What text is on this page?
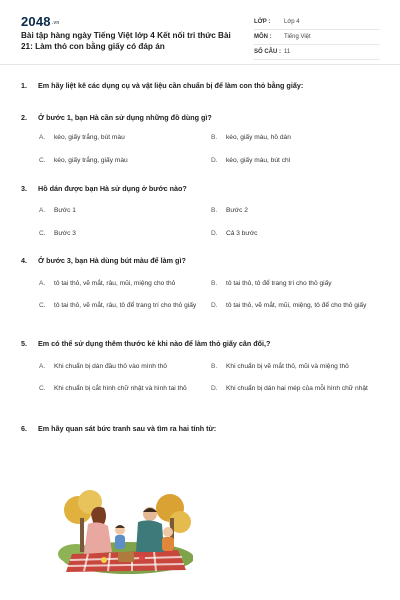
2048.vn
Bài tập hàng ngày Tiếng Việt lớp 4 Kết nối tri thức Bài 21: Làm thỏ con bằng giấy có đáp án
LỚP :	Lớp 4
MÔN :	Tiếng Việt
SỐ CÂU : 11
1.	Em hãy liệt kê các dụng cụ và vật liệu cần chuẩn bị để làm con thỏ bằng giấy:
2.	Ở bước 1, bạn Hà cần sử dụng những đồ dùng gì?
A.	kéo, giấy trắng, bút màu	B.	kéo, giấy màu, hồ dán
C.	kéo, giấy trắng, giấy màu	D.	kéo, giấy màu, bút chì
3.	Hồ dán được bạn Hà sử dụng ở bước nào?
A.	Bước 1	B.	Bước 2
C.	Bước 3	D.	Cả 3 bước
4.	Ở bước 3, bạn Hà dùng bút màu để làm gì?
A.	tô tai thỏ, vẽ mắt, râu, mũi, miệng cho thỏ	B.	tô tai thỏ, tô để trang trí cho thỏ giấy
C.	tô tai thỏ, vẽ mắt, râu, tô để trang trí cho thỏ giấy	D.	tô tai thỏ, vẽ mắt, mũi, miệng, tô để cho thỏ giấy
5.	Em có thể sử dụng thêm thước kẻ khi nào để làm thỏ giấy cân đối,?
A.	Khi chuẩn bị dán đầu thỏ vào mình thỏ	B.	Khi chuẩn bị vẽ mắt thỏ, mũi và miệng thỏ
C.	Khi chuẩn bị cắt hình chữ nhật và hình tai thỏ	D.	Khi chuẩn bị dán hai mép của mỗi hình chữ nhật
6.	Em hãy quan sát bức tranh sau và tìm ra hai tính từ:
